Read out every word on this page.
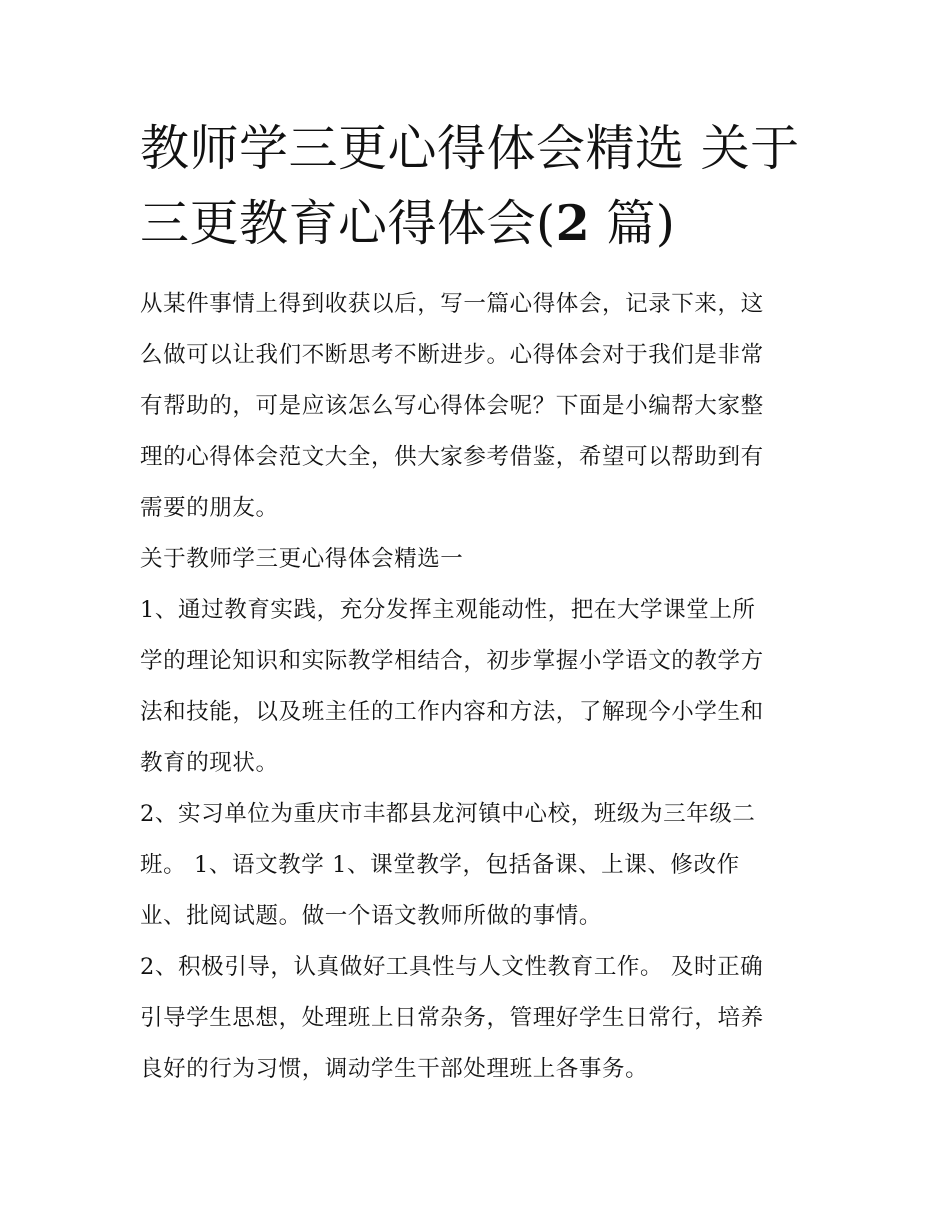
教师学三更心得体会精选 关于
三更教育心得体会(2 篇)
从某件事情上得到收获以后，写一篇心得体会，记录下来，这
么做可以让我们不断思考不断进步。心得体会对于我们是非常
有帮助的，可是应该怎么写心得体会呢？下面是小编帮大家整
理的心得体会范文大全，供大家参考借鉴，希望可以帮助到有
需要的朋友。
关于教师学三更心得体会精选一
1、通过教育实践，充分发挥主观能动性，把在大学课堂上所
学的理论知识和实际教学相结合，初步掌握小学语文的教学方
法和技能，以及班主任的工作内容和方法，了解现今小学生和
教育的现状。
2、实习单位为重庆市丰都县龙河镇中心校，班级为三年级二
班。 1、语文教学 1、课堂教学，包括备课、上课、修改作
业、批阅试题。做一个语文教师所做的事情。
2、积极引导，认真做好工具性与人文性教育工作。 及时正确
引导学生思想，处理班上日常杂务，管理好学生日常行，培养
良好的行为习惯，调动学生干部处理班上各事务。
